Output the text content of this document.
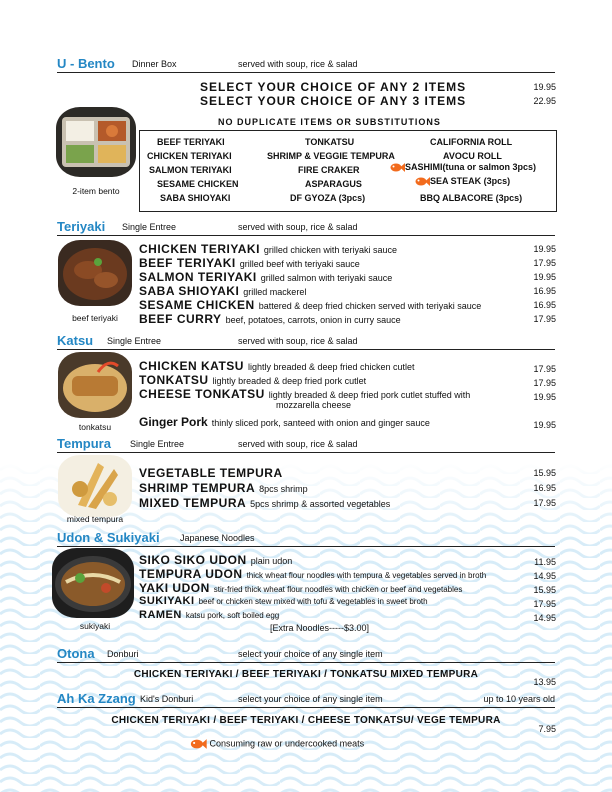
U - Bento Dinner Box	served with soup, rice & salad
SELECT YOUR CHOICE OF ANY 2 ITEMS	19.95
SELECT YOUR CHOICE OF ANY 3 ITEMS	22.95
NO DUPLICATE ITEMS OR SUBSTITUTIONS
2-item bento
BEEF TERIYAKI	TONKATSU	CALIFORNIA ROLL
CHICKEN TERIYAKI	SHRIMP & VEGGIE TEMPURA	AVOCU ROLL
SALMON TERIYAKI	FIRE CRAKER	SASHIMI(tuna or salmon 3pcs)
SESAME CHICKEN	ASPARAGUS	SEA STEAK (3pcs)
SABA SHIOYAKI	DF GYOZA (3pcs)	BBQ ALBACORE (3pcs)
Teriyaki Single Entree	served with soup, rice & salad
beef teriyaki
CHICKEN TERIYAKI grilled chicken with teriyaki sauce	19.95
BEEF TERIYAKI grilled beef with teriyaki sauce	17.95
SALMON TERIYAKI grilled salmon with teriyaki sauce	19.95
SABA SHIOYAKI grilled mackerel	16.95
SESAME CHICKEN battered & deep fried chicken served with teriyaki sauce	16.95
BEEF CURRY beef, potatoes, carrots, onion in curry sauce	17.95
Katsu Single Entree	served with soup, rice & salad
tonkatsu
CHICKEN KATSU lightly breaded & deep fried chicken cutlet	17.95
TONKATSU lightly breaded & deep fried pork cutlet	17.95
CHEESE TONKATSU lightly breaded & deep fried pork cutlet stuffed with	19.95
mozzarella cheese
Ginger Pork thinly sliced pork, santeed with onion and ginger sauce	19.95
Tempura Single Entree	served with soup, rice & salad
mixed tempura
VEGETABLE TEMPURA	15.95
SHRIMP TEMPURA 8pcs shrimp	16.95
MIXED TEMPURA 5pcs shrimp & assorted vegetables	17.95
Udon & Sukiyaki Japanese Noodles
sukiyaki
SIKO SIKO UDON plain udon	11.95
TEMPURA UDON thick wheat flour noodles with tempura & vegetables served in broth	14.95
YAKI UDON stir-fried thick wheat flour noodles with chicken or beef and vegetables	15.95
SUKIYAKI beef or chicken stew mixed with tofu & vegetables in sweet broth	17.95
RAMEN katsu pork, soft boiled egg	14.95
[Extra Noodles-----$3.00]
Otona Donburi	select your choice of any single item
CHICKEN TERIYAKI / BEEF TERIYAKI / TONKATSU MIXED TEMPURA
13.95
Ah Ka Zzang Kid's Donburi	select your choice of any single item	up to 10 years old
CHICKEN TERIYAKI / BEEF TERIYAKI / CHEESE TONKATSU/ VEGE TEMPURA
7.95
Consuming raw or undercooked meats
